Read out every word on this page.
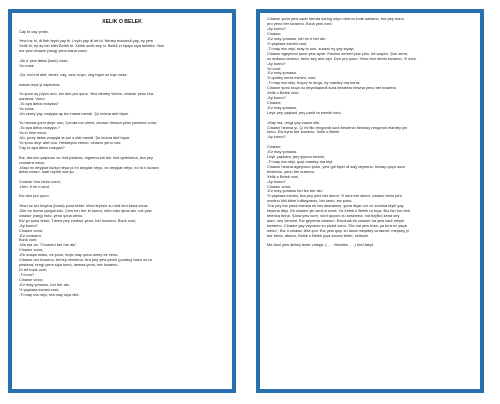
XELIK O BELEK
Cay bi cay çmitx.
Yew bız bi, di fleb leyiri yay bi. Leyiri yay di let bi. Nimey bızkondi yay, ey yew
Xelik bi, ey ay bin bilet Belek bi. Xelek sınib sey xi. Belek zi sipiyo siya belekbi. Yew
roz yew cinawir (varg) yeno bana vono:
-Ak rr yew âeba (kurk) vıraz,
Ya vona;
-Şo, ind ind alef, simer, vaş, cew, koyn, veg biyar oz toyr vıraz.
Inawa reyd yi xapinena.
Yo şono ay piyım ono, ew don pro şono. Yew demey vireno, cinawır yeno bra
parsena. Vono:
-To aya âeba vıraysta?
Ya vona;
-Mı verey yay vırayşta ay bın hama mendi. Şu indına alef biyar.
Yo hewna şono deyır ono, Çenda roc vireni, cinawır hewna yeno parsena vono;
-To aya âeba vırayşta ?
Ya in hew vona:
-Mı, pırey âeba vırayşta le pol o esti mendi. Şo indına alef biyar.
Yo şono deyr alef ono. Hewteyna vireno, cinawır yeno von;
Cay to aya âeba vırayşta?
Bız, berono çaşbono xu rind padena, dıgnena ew ber rind qefelnena, bra pey
cınawıra vona;
-Maçi mı deyştar kurkçi nêya pi mı deyştar nêyo, ez deyştar nêyo, ez to ri kurara
âeba vırazo, hadi rayirdi xud şo.
Cınawır hırs beno vono;
-Hen, ti mı n wnd.
Ew don pro şono.
Yew roc bız keyera (bona) şona teber. Wırd leyroni xu rind teni kena vona:
-Ber mı duma çongal bıkı. Çew bırı ber bı kuero, nibo nıbo şima akı. nık yew
cinawır (varg) esto, yeno şıma weno.
Ew yo şona teber. Tıkma pey cınawır yeno, ber kuweno. Bızık voni;
-Ay komo?
Cinawır vono;
-Ez cınawıro.
Bızık voni;
-Ma ma va: "Cınawıri ber me akı".
Cinawır vono;
-Ek onaya wabo, ez şono, keyk may şıma omey ez veno.
Cinawır dur kuweno, beney vendeno, bra pey yew çermi (postey) bazo xu ra
pestena, rengi çerm siya keno, hewna yeno, ber kuweno.
Dı let bızık voni;
-Ti kom?
Cinawır vono;
-Ez may şımawo, bıri ber akı.
Yi çaşbara ewnini voni;
-Ti may ma nêyi, ma may siya nibi.
Cinawır şono yew cado herrda soring miyo nind xu bıde saweno, bra pey dono
pro yeno ber kuweno. Bızık yeni voni;
-Ay komo?
Cinawır;
-Ez may şımawo, biri mı ri ber akı.
Yi çaşbara ewnini voni;
-Ti may ma nêyi, may to suri, suraziı ey yay siyayi.
Cinawır ageyrono şono yew ayire. Ewnino zerred çew çino, bê wayiro. Şon zerre,
xu ardona ceneno, beno sey ardı sipi. Don pro şono. Yeno beri direto kuweno. Yi voni;
-Ay komo?
Yo voni;
-Ez may şımawo.
Yi quirley berra ewnini, voni;
-Ti may ma nêyi, boçey to dırga, ey mardey ma kerra.
Cinawır şono boça xu mıyofaqondi sura bestenio hewna yeno ber kuweno
Xelik o Belek voni;
-Ay komo?
Cinawır;
-Ez may şımawo.
Leyir pey çaşbad, pey pardi ra ewnini voni;
-May ma, rengi yay inawa nibi.
Cinawır hewna şı. Çi mi filo rengondi sura bestenio hewnay rengondi mardey yin
keno. Ew eyno ber kuweno. Xelik o Belek:
-Ay komo?
Cinawır;
-Ez may şımawo.
Leyir çaşbara, pey şiyona ewnini;
-Ti may ma nêyi, qoçi mardey ma biyi.
Cinawır hewna ageyrono şono, yew gıli biyer di sağ veyneno, heway qoço sura
bestenio, yeno ber kuweno.
Xelik o Belek voni,
-Ay komo?
Cinawır vono;
-Ez may şımawo bıri lez ber akı.
Yi çaşbara ewnini, bra pey yeni ber akeni. Yi seni ber akeni, cinawır beno piro
wırdino Nid bltım bılikayneno, bin keno, ew şono.
Tıra pey bız yena ewnina ek ber akardewo, şona diyar cor cır ewnina leyiri yay
keyena dêyi. Ek cinawır yin wırd zi wırdi. Ya Xelek o Belek ra bıya. Bız hin fıur deli,
tetenca bena. Şona yew kure, wırd qoçoni xu sesinena. nıd tic(itic) kena sey
adırı, sey venceri. Ew geyrena cinawırı. Ewninak ek cinawır ha yew cadı meyel
kewteno. Cinawır yay veyneno xu pized vono: "De ına yew bıza, ya bıra ez yayzı
weno". Bız o cinawır têra şını. Bız yew qoçı xu dona meşktey cınawırri, meşkey yi
ber bena, abena, Xelek o Belek piya veceni teber, xelesini.
Ma ânni yew âebey âesir vıraşyt. ( . . . ftionkes . . .) bnd fasyt.
